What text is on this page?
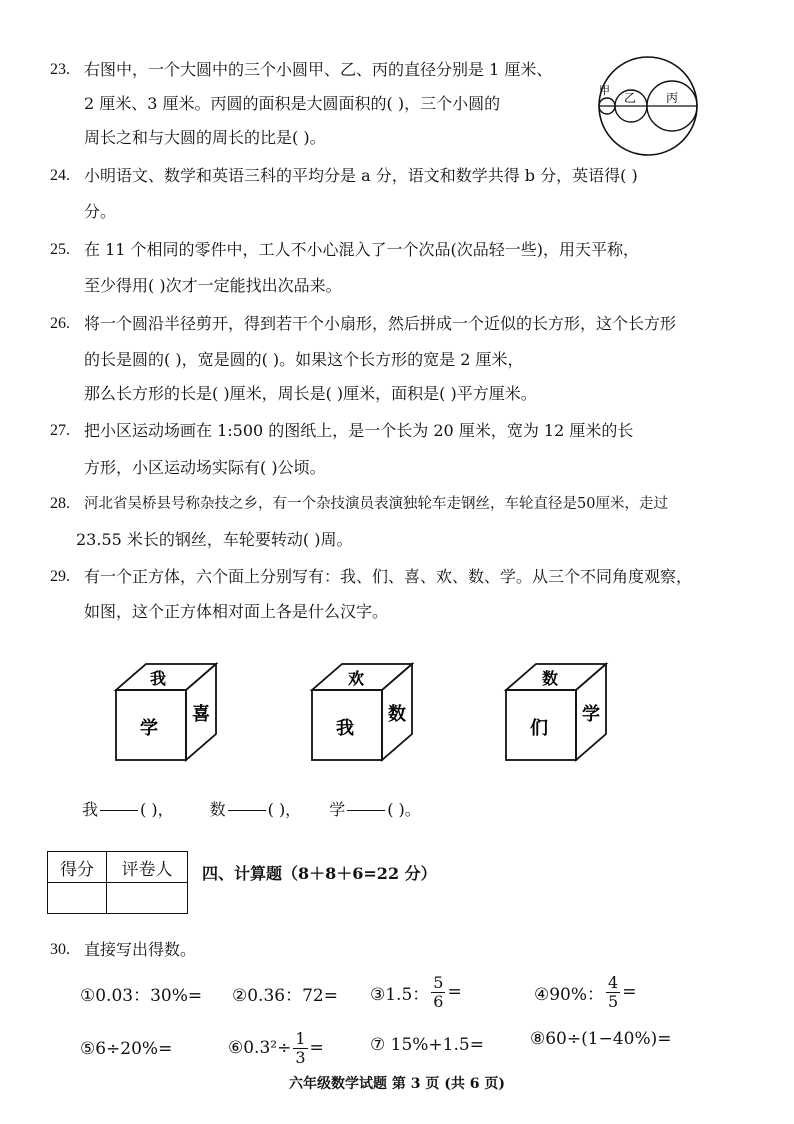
23. 右图中，一个大圆中的三个小圆甲、乙、丙的直径分别是 1 厘米、
2 厘米、3 厘米。丙圆的面积是大圆面积的( )，三个小圆的
周长之和与大圆的周长的比是( )。
甲
乙 丙
24. 小明语文、数学和英语三科的平均分是 a 分，语文和数学共得 b 分，英语得( )
分。
25. 在 11 个相同的零件中，工人不小心混入了一个次品(次品轻一些)，用天平称，
至少得用( )次才一定能找出次品来。
26. 将一个圆沿半径剪开，得到若干个小扇形，然后拼成一个近似的长方形，这个长方形
的长是圆的( )，宽是圆的( )。如果这个长方形的宽是 2 厘米，
那么长方形的长是( )厘米，周长是( )厘米，面积是( )平方厘米。
27. 把小区运动场画在 1:500 的图纸上，是一个长为 20 厘米，宽为 12 厘米的长
方形，小区运动场实际有( )公顷。
28. 河北省吴桥县号称杂技之乡，有一个杂技演员表演独轮车走钢丝，车轮直径是50厘米，走过
23.55 米长的钢丝，车轮要转动( )周。
29. 有一个正方体，六个面上分别写有：我、们、喜、欢、数、学。从三个不同角度观察，
如图，这个正方体相对面上各是什么汉字。
我
学
喜
欢
我
数
数
们
学
我	( )， 数	( )， 学	( )。
得分	评卷人
	四、计算题（8＋8＋6=22 分）
30. 直接写出得数。
①0.03：30%= ②0.36：72= ③1.5： $\frac{5}{6}$ =	④90%： $\frac{4}{5}$ =
⑤6÷20%=	⑥0.3²÷ $\frac{1}{3}$ =	⑦ 15%+1.5=	⑧60÷(1−40%)=
六年级数学试题 第 3 页 (共 6 页)
